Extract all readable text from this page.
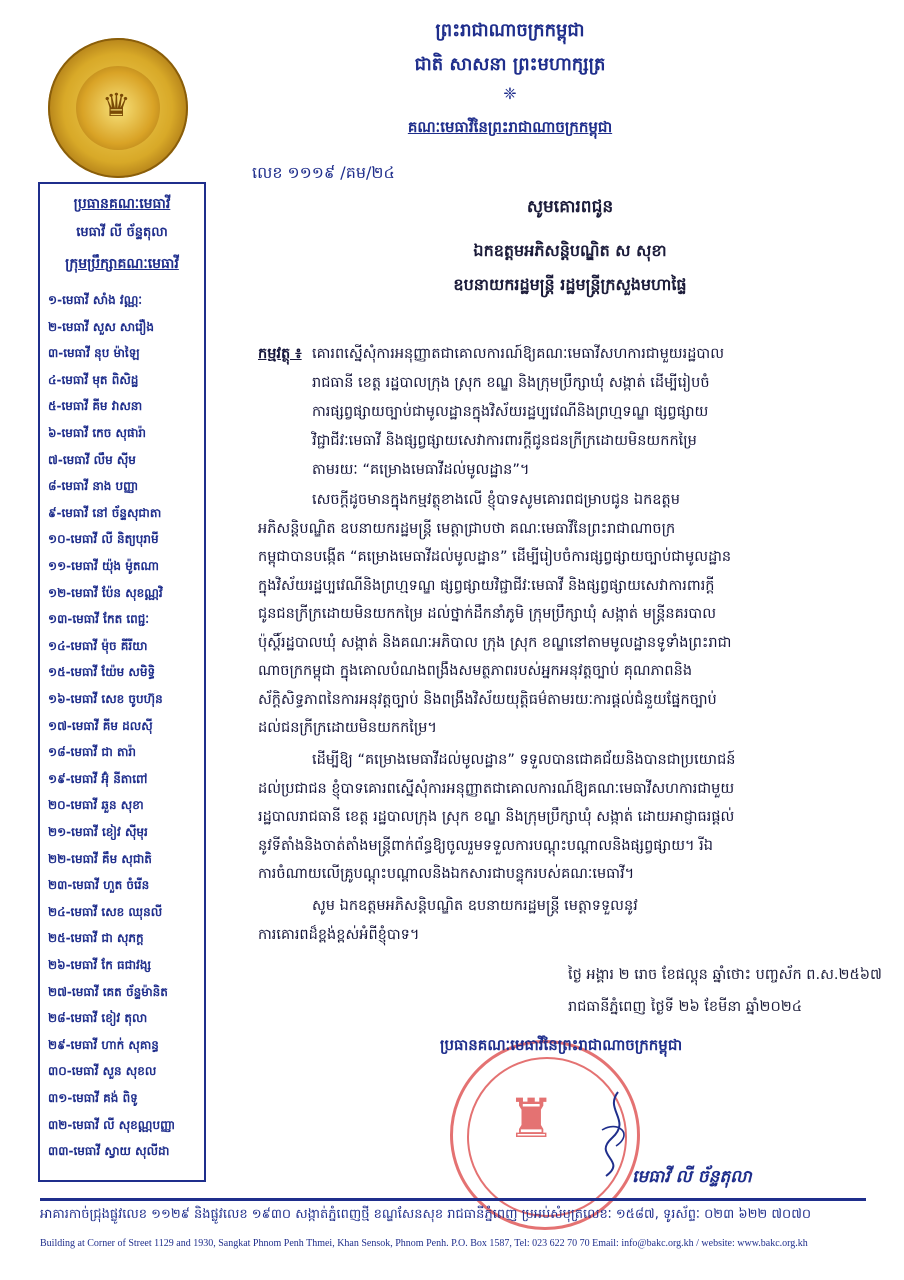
♛
ព្រះរាជាណាចក្រកម្ពុជា
ជាតិ សាសនា ព្រះមហាក្សត្រ
❈
គណៈមេធាវីនៃព្រះរាជាណាចក្រកម្ពុជា
ប្រធានគណៈមេធាវី
មេធាវី លី ច័ន្ទតុលា
ក្រុមប្រឹក្សាគណៈមេធាវី
១-មេធាវី សាំង វណ្ណៈ
២-មេធាវី សួស សារឿង
៣-មេធាវី នុប ម៉ាឡៃ
៤-មេធាវី មុត ពិសិដ្ឋ
៥-មេធាវី គីម វាសនា
៦-មេធាវី កេច សុផារ៉ា
៧-មេធាវី លឹម ស៊ីម
៨-មេធាវី នាង បញ្ញា
៩-មេធាវី នៅ ច័ន្ទសុជាតា
១០-មេធាវី លី និត្យបុរាមី
១១-មេធាវី យ៉ុង ម៉ូតណា
១២-មេធាវី ប៉ែន សុខណ្ណវិ
១៣-មេធាវី កែត ពេជ្ជៈ
១៤-មេធាវី ម៉ុច គីរីយា
១៥-មេធាវី យ៉ែម សមិទ្ធិ
១៦-មេធាវី សេខ ចូបហ៊ុន
១៧-មេធាវី គីម ដលស៊ី
១៨-មេធាវី ជា តារ៉ា
១៩-មេធាវី អ៊ុំ នីតាពៅ
២០-មេធាវី ឆួន សុខា
២១-មេធាវី ខៀវ ស៊ីមុរ
២២-មេធាវី គឹម សុជាតិ
២៣-មេធាវី ហួត ចំរើន
២៤-មេធាវី សេខ ឈុនលី
២៥-មេធាវី ជា សុភក្ត
២៦-មេធាវី កែ ធជាវង្ស
២៧-មេធាវី គេត ច័ន្ទម៉ានិត
២៨-មេធាវី ខៀវ តុលា
២៩-មេធាវី ហាក់ សុគាន្ធ
៣០-មេធាវី សួន សុខល
៣១-មេធាវី គង់ ពិទូ
៣២-មេធាវី លី សុខណ្ណបញ្ញា
៣៣-មេធាវី ស្វាយ សុលីដា
លេខ ១១១៩ /គម/២៤
សូមគោរពជូន
ឯកឧត្តមអភិសន្តិបណ្ឌិត ស សុខា
ឧបនាយករដ្ឋមន្ត្រី រដ្ឋមន្ត្រីក្រសួងមហាផ្ទៃ
កម្មវត្ថុ ៖ គោរពស្នើសុំការអនុញ្ញាតជាគោលការណ៍ឱ្យគណៈមេធាវីសហការជាមួយរដ្ឋបាល
រាជធានី ខេត្ត រដ្ឋបាលក្រុង ស្រុក ខណ្ឌ និងក្រុមប្រឹក្សាឃុំ សង្កាត់ ដើម្បីរៀបចំ
ការផ្សព្វផ្សាយច្បាប់ជាមូលដ្ឋានក្នុងវិស័យរដ្ឋប្បវេណីនិងព្រហ្មទណ្ឌ ផ្សព្វផ្សាយ
វិជ្ជាជីវៈមេធាវី និងផ្សព្វផ្សាយសេវាការពារក្តីជូនជនក្រីក្រដោយមិនយកកម្រៃ
តាមរយៈ “គម្រោងមេធាវីដល់មូលដ្ឋាន”។
សេចក្ដីដូចមានក្នុងកម្មវត្ថុខាងលើ ខ្ញុំបាទសូមគោរពជម្រាបជូន ឯកឧត្តម
អភិសន្តិបណ្ឌិត ឧបនាយករដ្ឋមន្ត្រី មេត្តាជ្រាបថា គណៈមេធាវីនៃព្រះរាជាណាចក្រ
កម្ពុជាបានបង្កើត “គម្រោងមេធាវីដល់មូលដ្ឋាន” ដើម្បីរៀបចំការផ្សព្វផ្សាយច្បាប់ជាមូលដ្ឋាន
ក្នុងវិស័យរដ្ឋប្បវេណីនិងព្រហ្មទណ្ឌ ផ្សព្វផ្សាយវិជ្ជាជីវៈមេធាវី និងផ្សព្វផ្សាយសេវាការពារក្ដី
ជូនជនក្រីក្រដោយមិនយកកម្រៃ ដល់ថ្នាក់ដឹកនាំភូមិ ក្រុមប្រឹក្សាឃុំ សង្កាត់ មន្ត្រីនគរបាល
ប៉ុស្តិ៍រដ្ឋបាលឃុំ សង្កាត់ និងគណៈអភិបាល ក្រុង ស្រុក ខណ្ឌនៅតាមមូលដ្ឋានទូទាំងព្រះរាជា
ណាចក្រកម្ពុជា ក្នុងគោលបំណងពង្រឹងសមត្ថភាពរបស់អ្នកអនុវត្តច្បាប់ គុណភាពនិង
ស័ក្តិសិទ្ធភាពនៃការអនុវត្តច្បាប់ និងពង្រឹងវិស័យយុត្តិធម៌តាមរយៈការផ្ដល់ជំនួយផ្នែកច្បាប់
ដល់ជនក្រីក្រដោយមិនយកកម្រៃ។
ដើម្បីឱ្យ “គម្រោងមេធាវីដល់មូលដ្ឋាន” ទទួលបានជោគជ័យនិងបានជាប្រយោជន៍
ដល់ប្រជាជន ខ្ញុំបាទគោរពស្នើសុំការអនុញ្ញាតជាគោលការណ៍ឱ្យគណៈមេធាវីសហការជាមួយ
រដ្ឋបាលរាជធានី ខេត្ត រដ្ឋបាលក្រុង ស្រុក ខណ្ឌ និងក្រុមប្រឹក្សាឃុំ សង្កាត់ ដោយអាជ្ញាធរផ្ដល់
នូវទីតាំងនិងចាត់តាំងមន្ត្រីពាក់ព័ន្ធឱ្យចូលរួមទទួលការបណ្ដុះបណ្ដាលនិងផ្សព្វផ្សាយ។ រីឯ
ការចំណាយលើគ្រូបណ្តុះបណ្តាលនិងឯកសារជាបន្ទុករបស់គណៈមេធាវី។
សូម ឯកឧត្តមអភិសន្តិបណ្ឌិត ឧបនាយករដ្ឋមន្ត្រី មេត្តាទទួលនូវ
ការគោរពដ៏ខ្ពង់ខ្ពស់អំពីខ្ញុំបាទ។
ថ្ងៃ អង្គារ ២ រោច ខែផល្គុន ឆ្នាំថោះ បញ្ចស័ក ព.ស.២៥៦៧
រាជធានីភ្នំពេញ ថ្ងៃទី ២៦ ខែមីនា ឆ្នាំ២០២៤
♜
ប្រធានគណៈមេធាវីនៃព្រះរាជាណាចក្រកម្ពុជា
មេធាវី លី ច័ន្ទតុលា
អាគារកាច់ជ្រុងផ្លូវលេខ ១១២៩ និងផ្លូវលេខ ១៩៣០ សង្កាត់ភ្នំពេញថ្មី ខណ្ឌសែនសុខ រាជធានីភ្នំពេញ ប្រអប់សំបុត្រលេខៈ ១៥៨៧, ទូរស័ព្ទៈ ០២៣ ៦២២ ៧០៧០
Building at Corner of Street 1129 and 1930, Sangkat Phnom Penh Thmei, Khan Sensok, Phnom Penh. P.O. Box 1587, Tel: 023 622 70 70 Email: info@bakc.org.kh / website: www.bakc.org.kh
